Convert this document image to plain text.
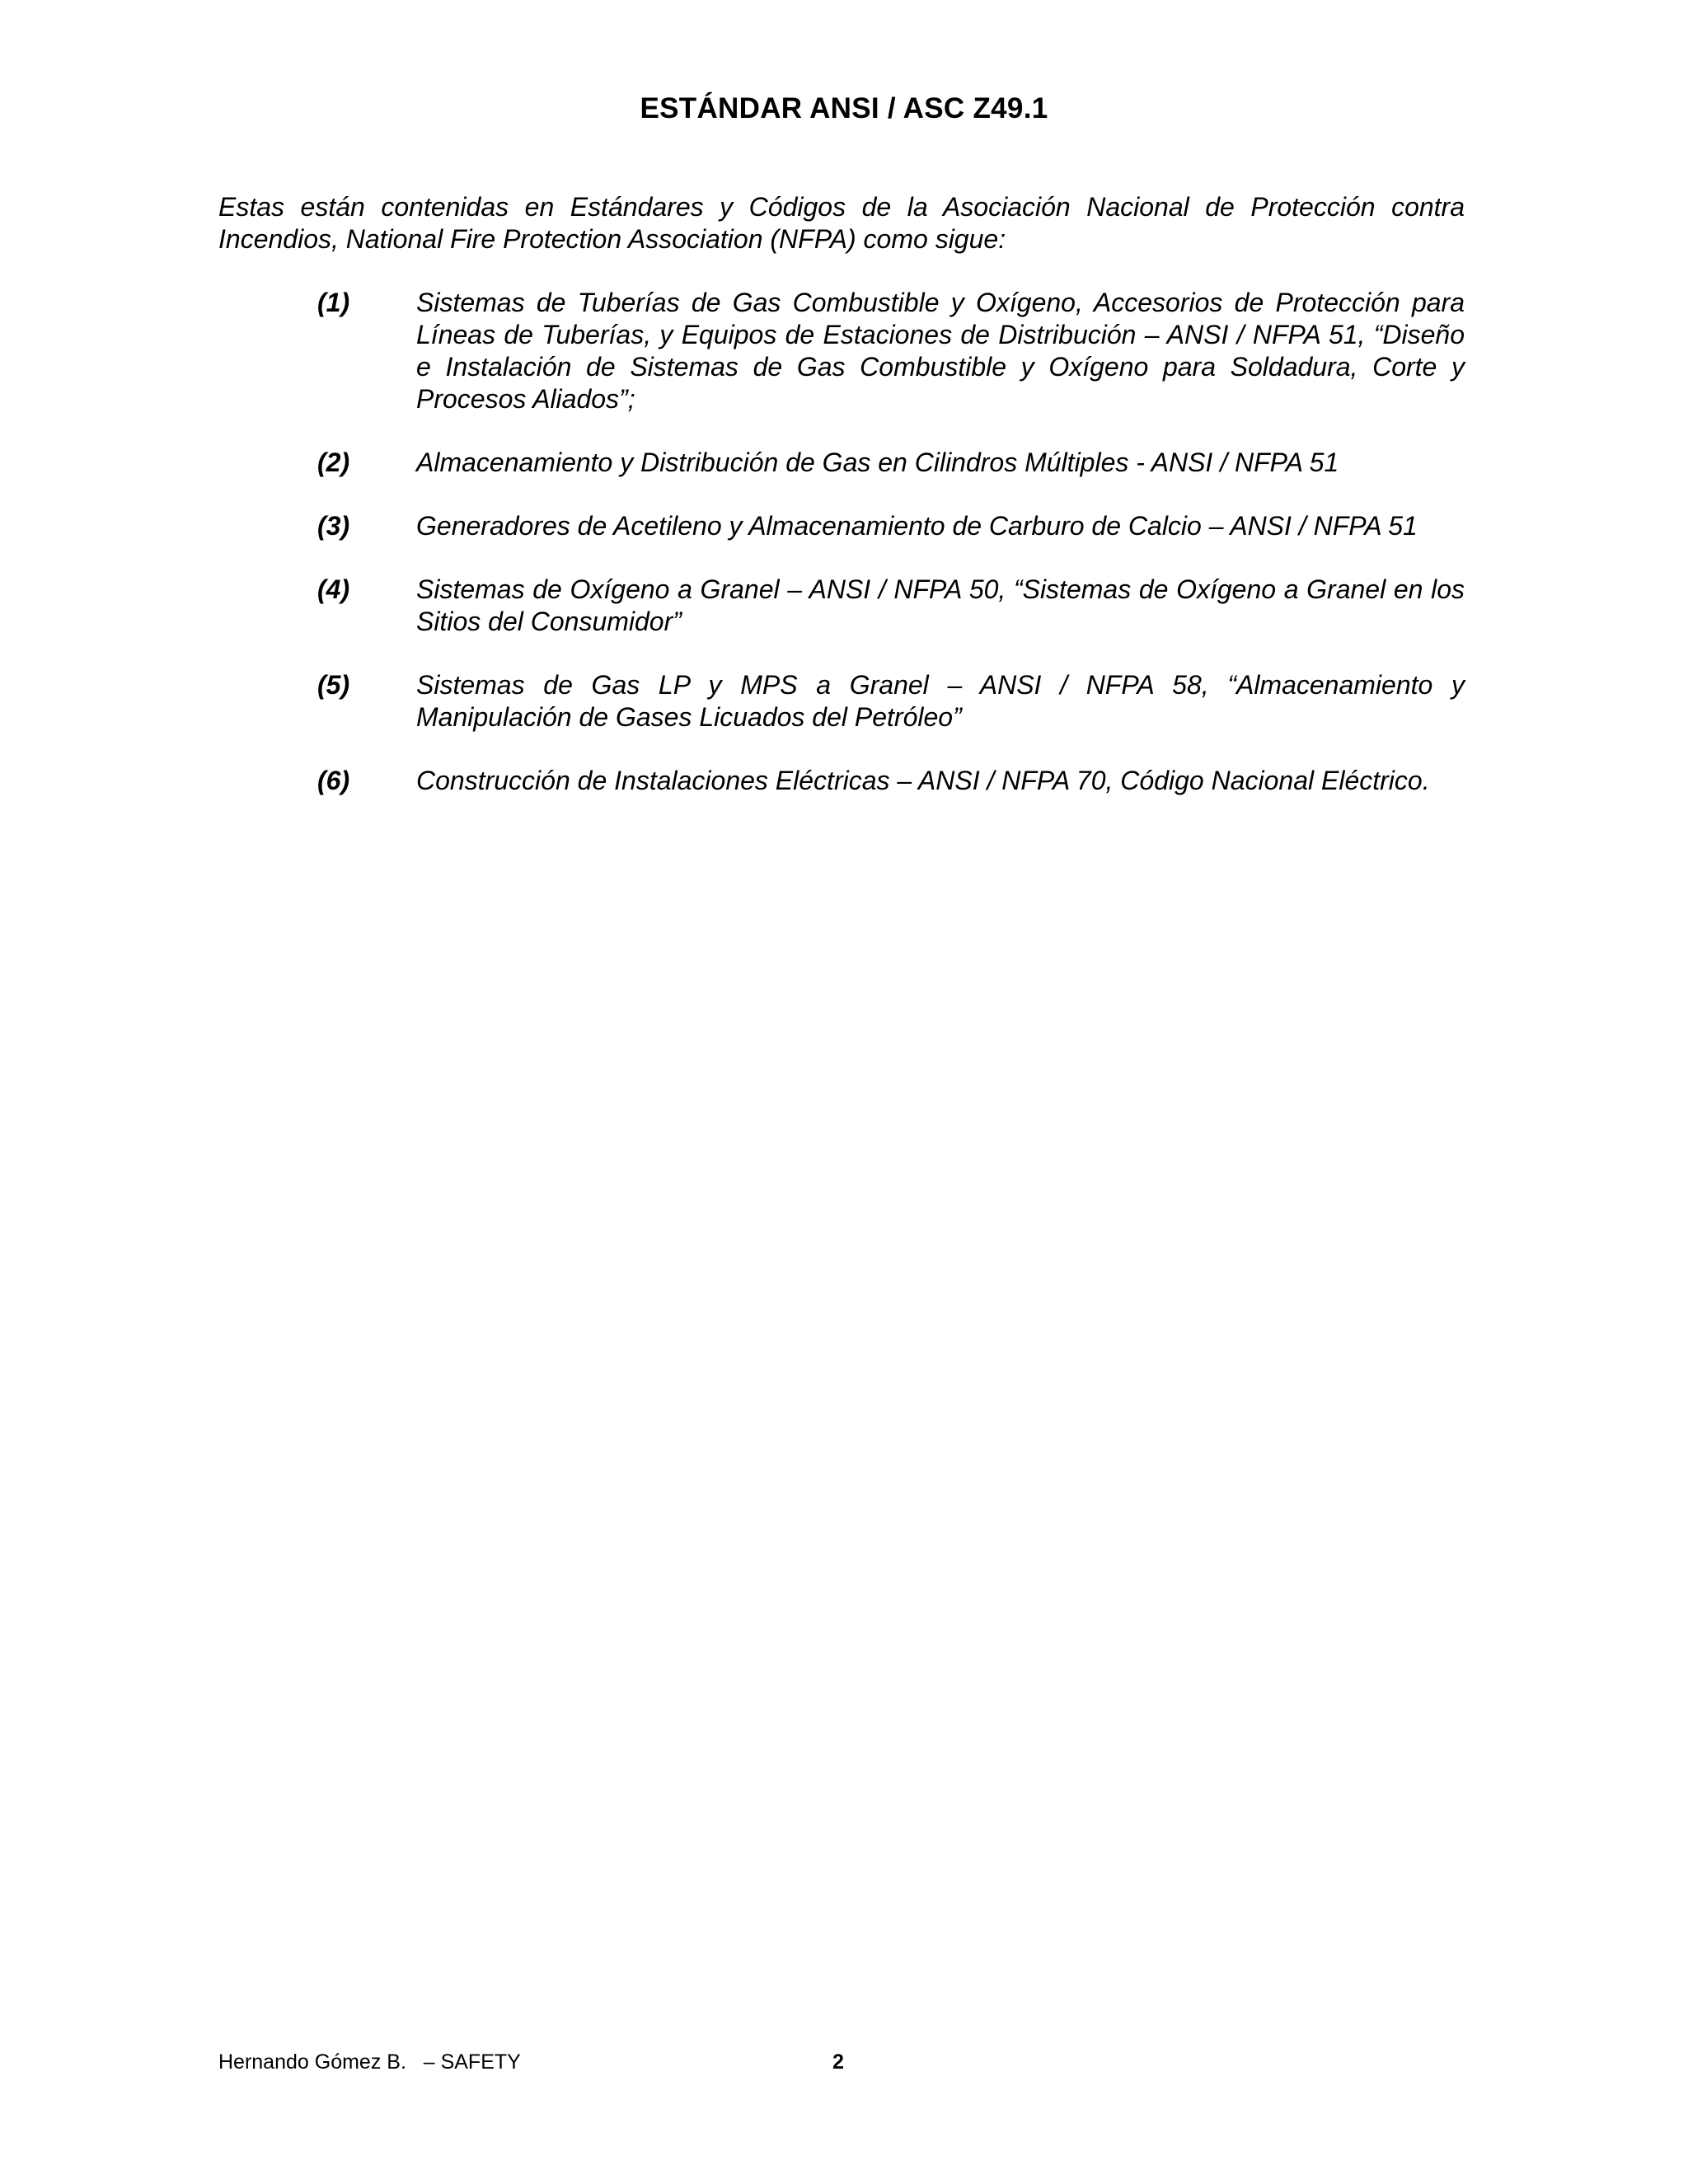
ESTÁNDAR ANSI / ASC Z49.1
Estas están contenidas en Estándares y Códigos de la Asociación Nacional de Protección contra Incendios, National Fire Protection Association (NFPA) como sigue:
(1)	Sistemas de Tuberías de Gas Combustible y Oxígeno, Accesorios de Protección para Líneas de Tuberías, y Equipos de Estaciones de Distribución – ANSI / NFPA 51, “Diseño e Instalación de Sistemas de Gas Combustible y Oxígeno para Soldadura, Corte y Procesos Aliados”;
(2)	Almacenamiento y Distribución de Gas en Cilindros Múltiples - ANSI / NFPA 51
(3)	Generadores de Acetileno y Almacenamiento de Carburo de Calcio – ANSI / NFPA 51
(4)	Sistemas de Oxígeno a Granel – ANSI / NFPA 50, “Sistemas de Oxígeno a Granel en los Sitios del Consumidor”
(5)	Sistemas de Gas LP y MPS a Granel – ANSI / NFPA 58, “Almacenamiento y Manipulación de Gases Licuados del Petróleo”
(6)	Construcción de Instalaciones Eléctricas – ANSI / NFPA 70, Código Nacional Eléctrico.
Hernando Gómez B.   – SAFETY	2
